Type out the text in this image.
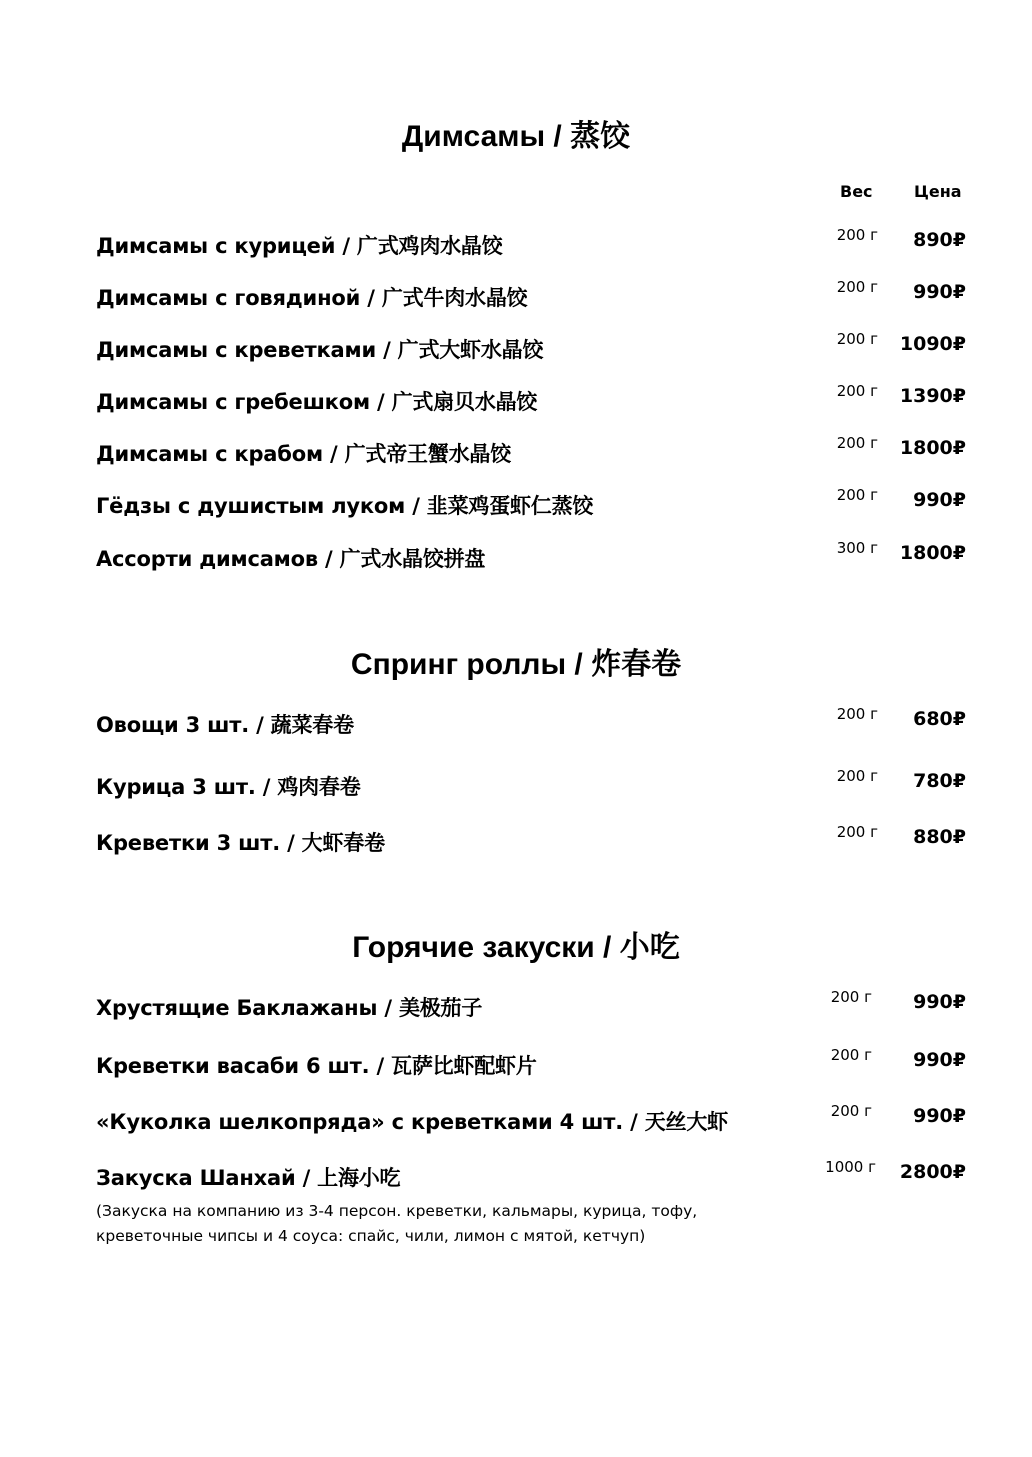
Димсамы / 蒸饺
Вес	Цена
Димсамы с курицей / 广式鸡肉水晶饺	200 г 890₽
Димсамы с говядиной / 广式牛肉水晶饺	200 г 990₽
Димсамы с креветками / 广式大虾水晶饺	200 г 1090₽
Димсамы с гребешком / 广式扇贝水晶饺	200 г 1390₽
Димсамы с крабом / 广式帝王蟹水晶饺	200 г 1800₽
Гёдзы с душистым луком / 韭菜鸡蛋虾仁蒸饺	200 г 990₽
Ассорти димсамов / 广式水晶饺拼盘	300 г 1800₽
Спринг роллы / 炸春卷
Овощи 3 шт. / 蔬菜春卷	200 г 680₽
Курица 3 шт. / 鸡肉春卷	200 г 780₽
Креветки 3 шт. / 大虾春卷	200 г 880₽
Горячие закуски / 小吃
Хрустящие Баклажаны / 美极茄子	200 г 990₽
Креветки васаби 6 шт. / 瓦萨比虾配虾片	200 г 990₽
«Куколка шелкопряда» с креветками 4 шт. / 天丝大虾	200 г 990₽
Закуска Шанхай / 上海小吃	1000 г 2800₽
(Закуска на компанию из 3-4 персон. креветки, кальмары, курица, тофу, креветочные чипсы и 4 соуса: спайс, чили, лимон с мятой, кетчуп)
